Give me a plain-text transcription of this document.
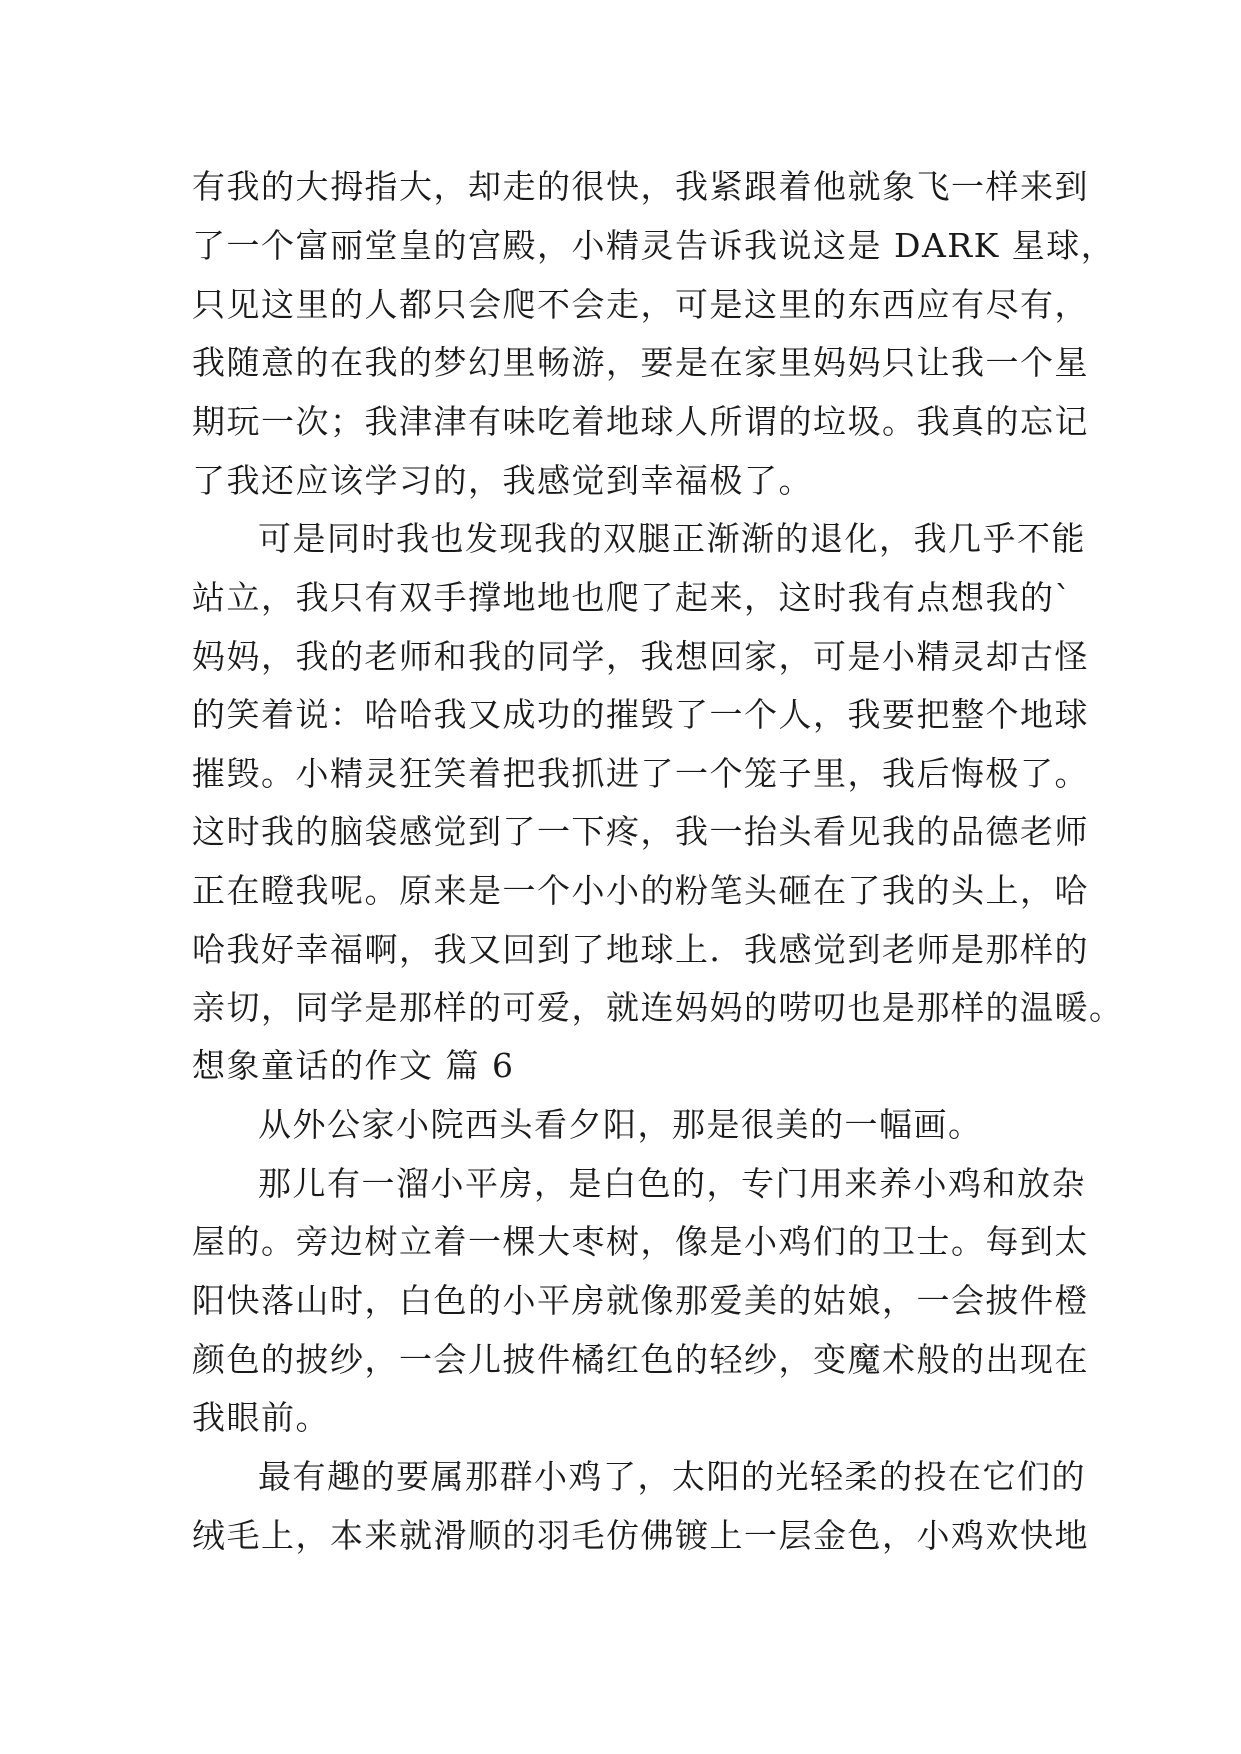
有我的大拇指大，却走的很快，我紧跟着他就象飞一样来到

了一个富丽堂皇的宫殿，小精灵告诉我说这是 DARK 星球，

只见这里的人都只会爬不会走，可是这里的东西应有尽有，

我随意的在我的梦幻里畅游，要是在家里妈妈只让我一个星

期玩一次；我津津有味吃着地球人所谓的垃圾。我真的忘记

了我还应该学习的，我感觉到幸福极了。

可是同时我也发现我的双腿正渐渐的退化，我几乎不能

站立，我只有双手撑地地也爬了起来，这时我有点想我的`

妈妈，我的老师和我的同学，我想回家，可是小精灵却古怪

的笑着说：哈哈我又成功的摧毁了一个人，我要把整个地球

摧毁。小精灵狂笑着把我抓进了一个笼子里，我后悔极了。

这时我的脑袋感觉到了一下疼，我一抬头看见我的品德老师

正在瞪我呢。原来是一个小小的粉笔头砸在了我的头上，哈

哈我好幸福啊，我又回到了地球上．我感觉到老师是那样的

亲切，同学是那样的可爱，就连妈妈的唠叨也是那样的温暖。

想象童话的作文 篇 6

从外公家小院西头看夕阳，那是很美的一幅画。

那儿有一溜小平房，是白色的，专门用来养小鸡和放杂

屋的。旁边树立着一棵大枣树，像是小鸡们的卫士。每到太

阳快落山时，白色的小平房就像那爱美的姑娘，一会披件橙

颜色的披纱，一会儿披件橘红色的轻纱，变魔术般的出现在

我眼前。

最有趣的要属那群小鸡了，太阳的光轻柔的投在它们的

绒毛上，本来就滑顺的羽毛仿佛镀上一层金色，小鸡欢快地
